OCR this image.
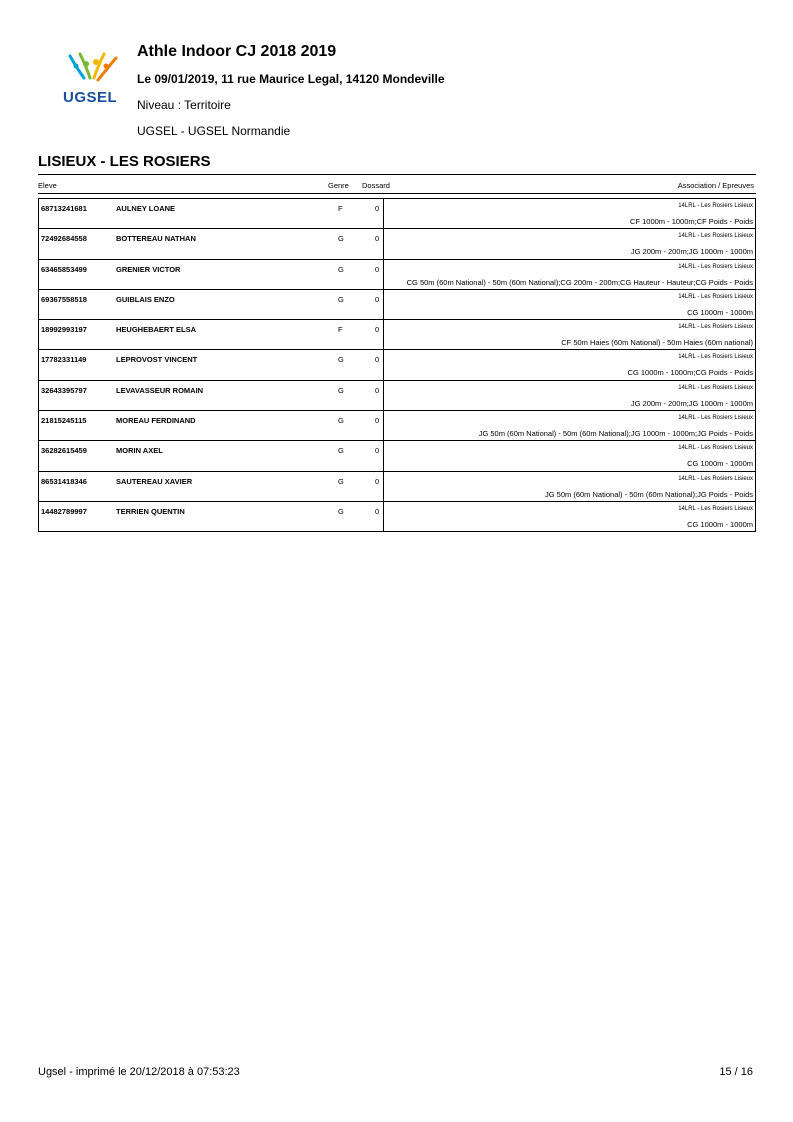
UGSEL
Athle Indoor CJ 2018 2019
Le 09/01/2019, 11 rue Maurice Legal, 14120 Mondeville
Niveau : Territoire
UGSEL - UGSEL Normandie
LISIEUX - LES ROSIERS
Eleve	Genre Dossard	Association / Epreuves
68713241681	AULNEY LOANE	F	0	14LRL - Les Rosiers Lisieux
CF 1000m - 1000m;CF Poids - Poids
72492684558	BOTTEREAU NATHAN	G	0	14LRL - Les Rosiers Lisieux
JG 200m - 200m;JG 1000m - 1000m
63465853499	GRENIER VICTOR	G	0	14LRL - Les Rosiers Lisieux
CG 50m (60m National) - 50m (60m National);CG 200m - 200m;CG Hauteur - Hauteur;CG Poids - Poids
69367558518	GUIBLAIS ENZO	G	0	14LRL - Les Rosiers Lisieux
CG 1000m - 1000m
18992993197	HEUGHEBAERT ELSA	F	0	14LRL - Les Rosiers Lisieux
CF 50m Haies (60m National) - 50m Haies (60m national)
17782331149	LEPROVOST VINCENT	G	0	14LRL - Les Rosiers Lisieux
CG 1000m - 1000m;CG Poids - Poids
32643395797	LEVAVASSEUR ROMAIN	G	0	14LRL - Les Rosiers Lisieux
JG 200m - 200m;JG 1000m - 1000m
21815245115	MOREAU FERDINAND	G	0	14LRL - Les Rosiers Lisieux
JG 50m (60m National) - 50m (60m National);JG 1000m - 1000m;JG Poids - Poids
36282615459	MORIN AXEL	G	0	14LRL - Les Rosiers Lisieux
CG 1000m - 1000m
86531418346	SAUTEREAU XAVIER	G	0	14LRL - Les Rosiers Lisieux
JG 50m (60m National) - 50m (60m National);JG Poids - Poids
14482789997	TERRIEN QUENTIN	G	0	14LRL - Les Rosiers Lisieux
CG 1000m - 1000m
Ugsel - imprimé le 20/12/2018 à 07:53:23	15 / 16
